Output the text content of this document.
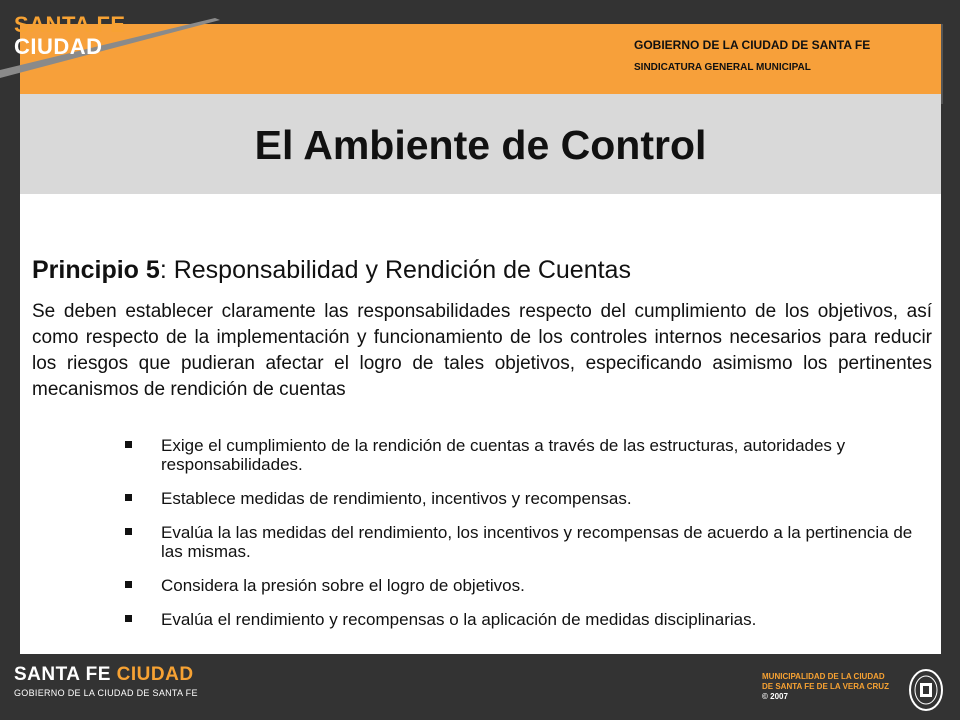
SANTA FE
CIUDAD	GOBIERNO DE LA CIUDAD DE SANTA FE
SINDICATURA GENERAL MUNICIPAL
El Ambiente de Control
Principio 5: Responsabilidad y Rendición de Cuentas
Se deben establecer claramente las responsabilidades respecto del cumplimiento de los objetivos, así como respecto de la implementación y funcionamiento de los controles internos necesarios para reducir los riesgos que pudieran afectar el logro de tales objetivos, especificando asimismo los pertinentes mecanismos de rendición de cuentas
Exige el cumplimiento de la rendición de cuentas a través de las estructuras, autoridades y responsabilidades.
Establece medidas de rendimiento, incentivos y recompensas.
Evalúa la las medidas del rendimiento, los incentivos y recompensas de acuerdo a la pertinencia de las mismas.
Considera la presión sobre el logro de objetivos.
Evalúa el rendimiento y recompensas o la aplicación de medidas disciplinarias.
SANTA FE CIUDAD
GOBIERNO DE LA CIUDAD DE SANTA FE
MUNICIPALIDAD DE LA CIUDAD
DE SANTA FE DE LA VERA CRUZ
© 2007
